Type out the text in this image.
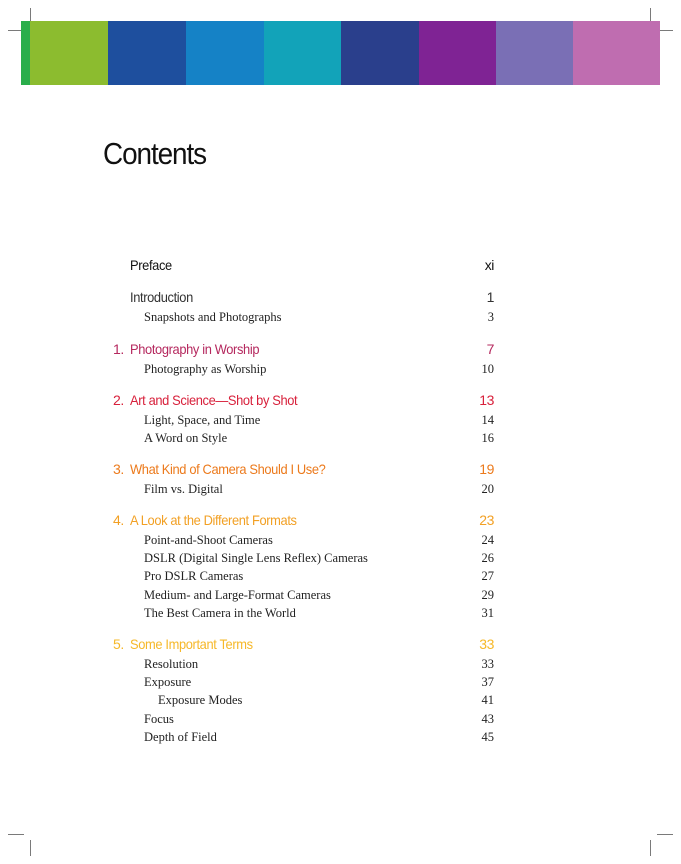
Contents
Preface	xi
Introduction	1
Snapshots and Photographs	3
1. Photography in Worship	7
Photography as Worship	10
2. Art and Science—Shot by Shot	13
Light, Space, and Time	14
A Word on Style	16
3. What Kind of Camera Should I Use?	19
Film vs. Digital	20
4. A Look at the Different Formats	23
Point-and-Shoot Cameras	24
DSLR (Digital Single Lens Reflex) Cameras	26
Pro DSLR Cameras	27
Medium- and Large-Format Cameras	29
The Best Camera in the World	31
5. Some Important Terms	33
Resolution	33
Exposure	37
Exposure Modes	41
Focus	43
Depth of Field	45
